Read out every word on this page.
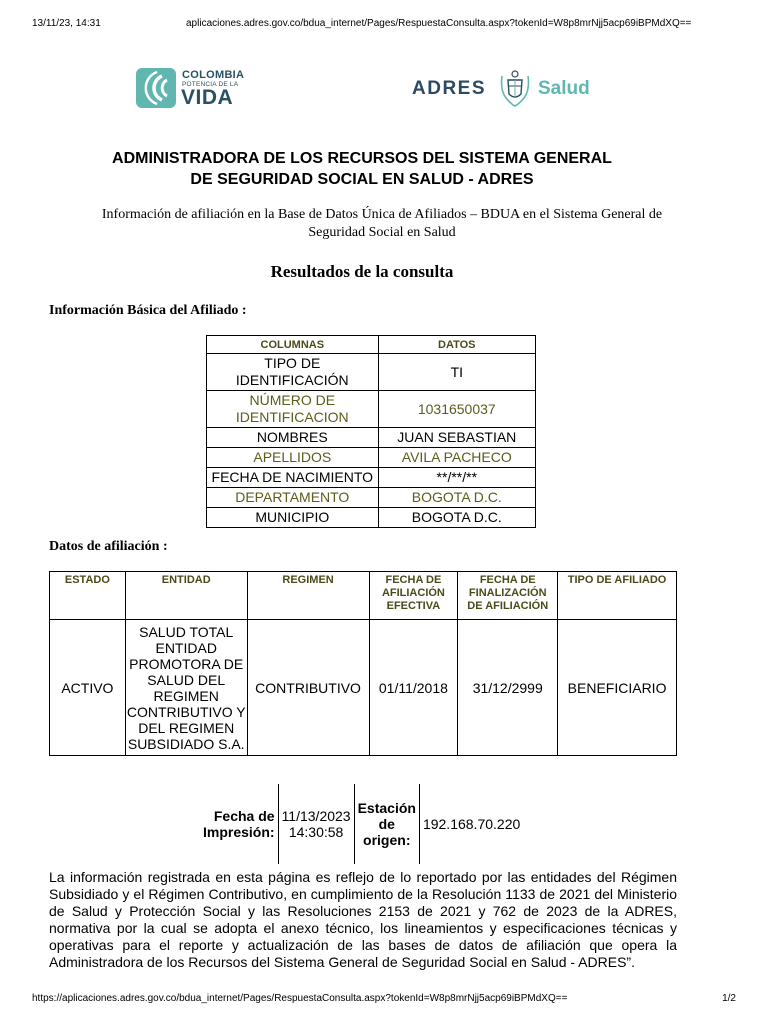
13/11/23, 14:31	aplicaciones.adres.gov.co/bdua_internet/Pages/RespuestaConsulta.aspx?tokenId=W8p8mrNjj5acp69iBPMdXQ==
COLOMBIA
POTENCIA DE LA
VIDA	ADRES	Salud
ADMINISTRADORA DE LOS RECURSOS DEL SISTEMA GENERAL
DE SEGURIDAD SOCIAL EN SALUD - ADRES
Información de afiliación en la Base de Datos Única de Afiliados – BDUA en el Sistema General de
Seguridad Social en Salud
Resultados de la consulta
Información Básica del Afiliado :
COLUMNAS	DATOS
TIPO DE IDENTIFICACIÓN	TI
NÚMERO DE IDENTIFICACION	1031650037
NOMBRES	JUAN SEBASTIAN
APELLIDOS	AVILA PACHECO
FECHA DE NACIMIENTO	**/**/**
DEPARTAMENTO	BOGOTA D.C.
MUNICIPIO	BOGOTA D.C.
Datos de afiliación :
ESTADO	ENTIDAD	REGIMEN	FECHA DE AFILIACIÓN EFECTIVA	FECHA DE FINALIZACIÓN DE AFILIACIÓN	TIPO DE AFILIADO
ACTIVO	SALUD TOTAL ENTIDAD PROMOTORA DE SALUD DEL REGIMEN CONTRIBUTIVO Y DEL REGIMEN SUBSIDIADO S.A.	CONTRIBUTIVO	01/11/2018	31/12/2999	BENEFICIARIO
Fecha de Impresión:	11/13/2023 14:30:58	Estación de origen:	192.168.70.220
La información registrada en esta página es reflejo de lo reportado por las entidades del Régimen Subsidiado y el Régimen Contributivo, en cumplimiento de la Resolución 1133 de 2021 del Ministerio de Salud y Protección Social y las Resoluciones 2153 de 2021 y 762 de 2023 de la ADRES, normativa por la cual se adopta el anexo técnico, los lineamientos y especificaciones técnicas y operativas para el reporte y actualización de las bases de datos de afiliación que opera la Administradora de los Recursos del Sistema General de Seguridad Social en Salud - ADRES”.
https://aplicaciones.adres.gov.co/bdua_internet/Pages/RespuestaConsulta.aspx?tokenId=W8p8mrNjj5acp69iBPMdXQ==	1/2
